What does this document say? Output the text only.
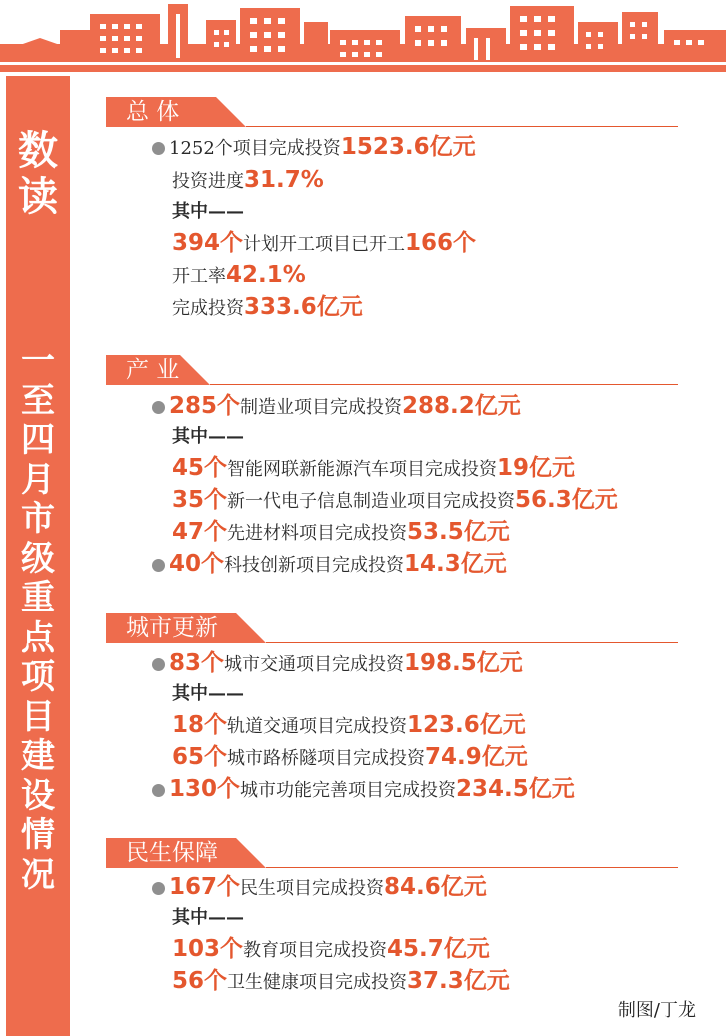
数读
一至四月市级重点项目建设情况
总 体
1252个项目完成投资1523.6亿元
投资进度31.7%
其中——
394个计划开工项目已开工166个
开工率42.1%
完成投资333.6亿元
产 业
285个制造业项目完成投资288.2亿元
其中——
45个智能网联新能源汽车项目完成投资19亿元
35个新一代电子信息制造业项目完成投资56.3亿元
47个先进材料项目完成投资53.5亿元
40个科技创新项目完成投资14.3亿元
城市更新
83个城市交通项目完成投资198.5亿元
其中——
18个轨道交通项目完成投资123.6亿元
65个城市路桥隧项目完成投资74.9亿元
130个城市功能完善项目完成投资234.5亿元
民生保障
167个民生项目完成投资84.6亿元
其中——
103个教育项目完成投资45.7亿元
56个卫生健康项目完成投资37.3亿元
制图/丁龙
